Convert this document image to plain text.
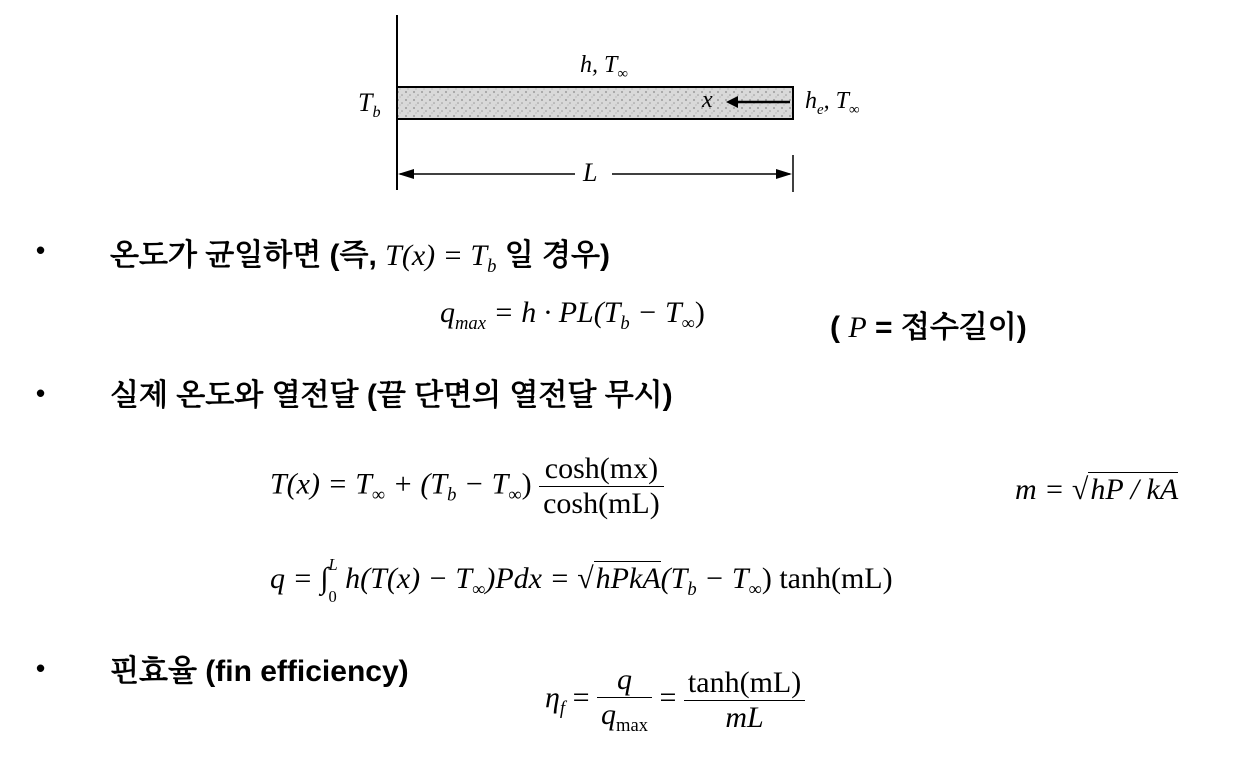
$T_b$
h, $T_\infty$
x	$h_e$, $T_\infty$
L
• 온도가 균일하면 (즉, $T(x) = T_b$ 일 경우)
$q_{max} = h \cdot PL(T_b - T_\infty)$	( P = 접수길이)
• 실제 온도와 열전달 (끝 단면의 열전달 무시)
$T(x) = T_\infty + (T_b - T_\infty) \frac{\cosh(mx)}{\cosh(mL)}$	m = √hP / kA
q = ∫ L
0
$h(T(x) - T_\infty)Pdx$ = $√hPkA(T_b - T_\infty)$ tanh(mL)
• 핀효율 (fin efficiency)
$\eta_f = \frac{q}{q_{max}} = \frac{\tanh(mL)}{mL}$
